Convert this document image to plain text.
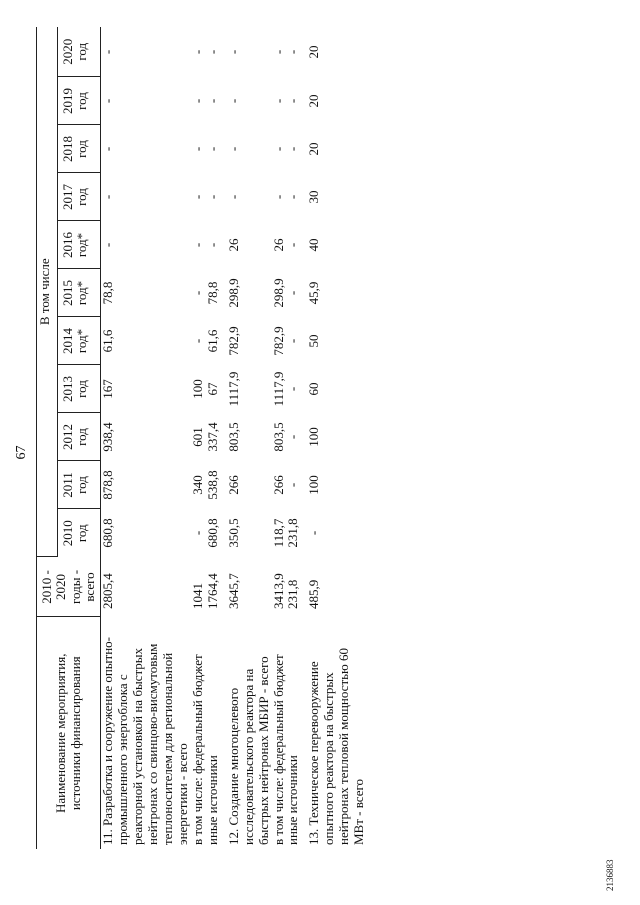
67
Наименование мероприятия, источники финансирования	2010 - 2020 годы - всего	В том числе										
		2010 год	2011 год	2012 год	2013 год	2014 год*	2015 год*	2016 год*	2017 год	2018 год	2019 год	2020 год
11. Разработка и сооружение опытно-промышленного энергоблока с реакторной установкой на быстрых нейтронах со свинцово-висмутовым теплоносителем для региональной энергетики - всего	2805,4	680,8	878,8	938,4	167	61,6	78,8	-	-	-	-	-
в том числе: федеральный бюджет	1041	-	340	601	100	-	-	-	-	-	-	-
иные источники	1764,4	680,8	538,8	337,4	67	61,6	78,8	-	-	-	-	-
12. Создание многоцелевого исследовательского реактора на быстрых нейтронах МБИР - всего	3645,7	350,5	266	803,5	1117,9	782,9	298,9	26	-	-	-	-
в том числе: федеральный бюджет	3413,9	118,7	266	803,5	1117,9	782,9	298,9	26	-	-	-	-
иные источники	231,8	231,8	-	-	-	-	-	-	-	-	-	-
13. Техническое перевооружение опытного реактора на быстрых нейтронах тепловой мощностью 60 МВт - всего	485,9	-	100	100	60	50	45,9	40	30	20	20	20
2136883
